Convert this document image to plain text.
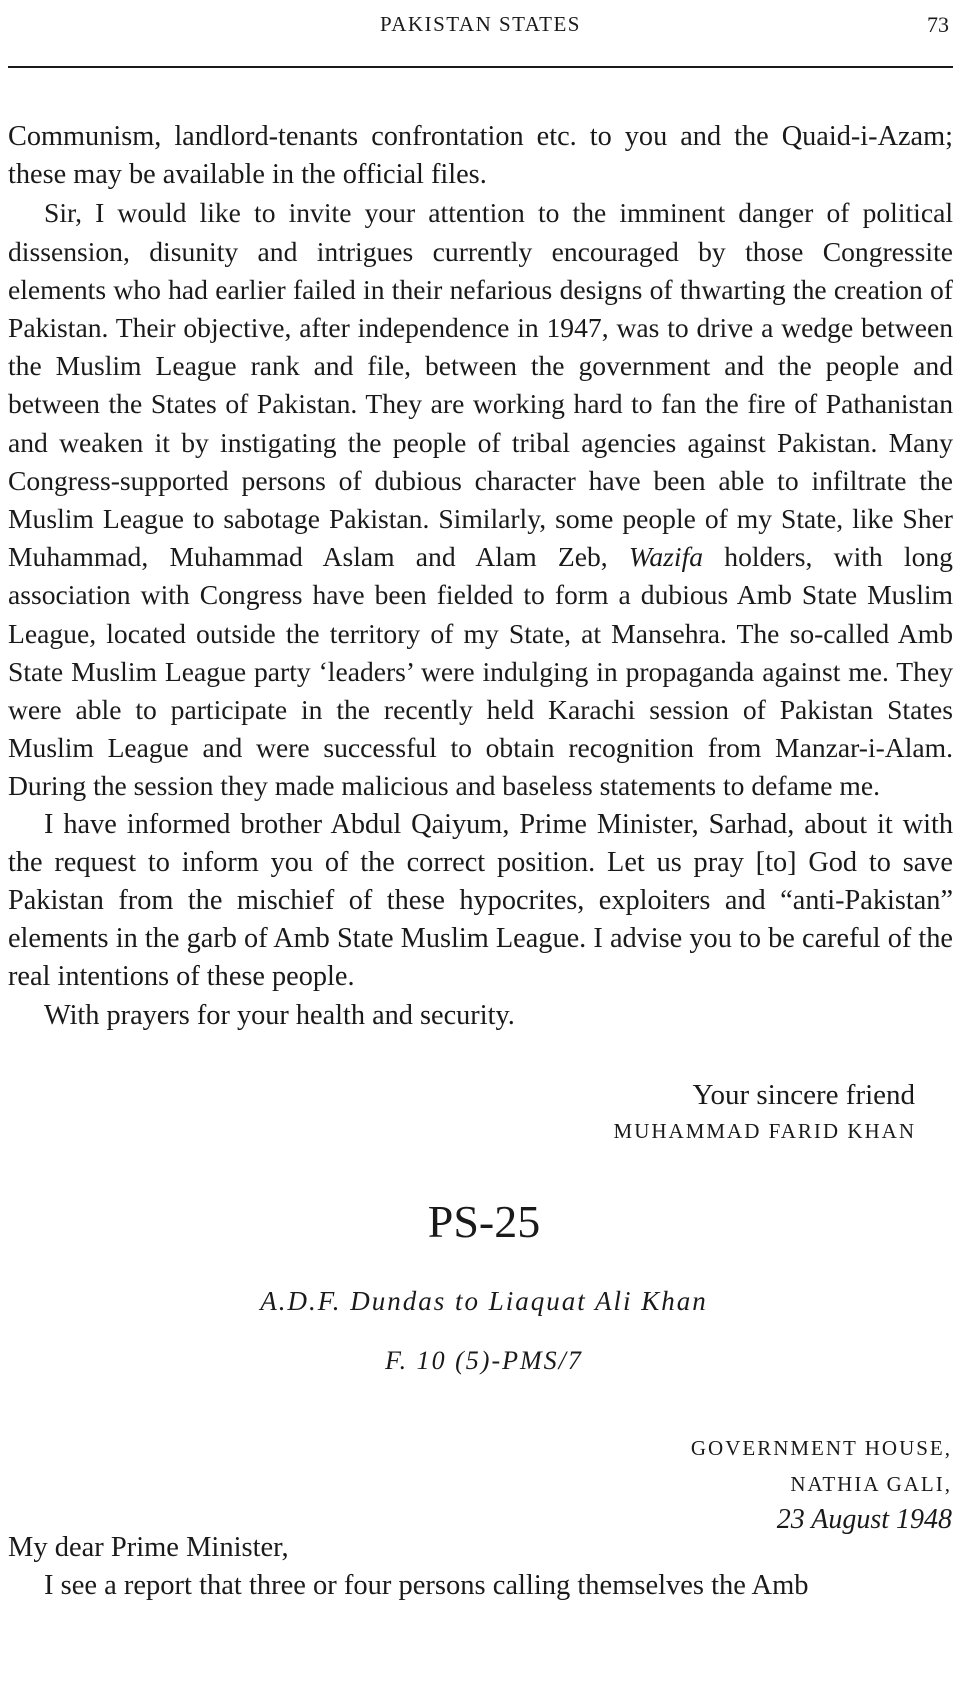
PAKISTAN STATES	73

Communism, landlord-tenants confrontation etc. to you and the Quaid-i-Azam; these may be available in the official files.

Sir, I would like to invite your attention to the imminent danger of political dissension, disunity and intrigues currently encouraged by those Congressite elements who had earlier failed in their nefarious designs of thwarting the creation of Pakistan. Their objective, after independence in 1947, was to drive a wedge between the Muslim League rank and file, between the government and the people and between the States of Pakistan. They are working hard to fan the fire of Pathanistan and weaken it by instigating the people of tribal agencies against Pakistan. Many Congress-supported persons of dubious character have been able to infiltrate the Muslim League to sabotage Pakistan. Similarly, some people of my State, like Sher Muhammad, Muhammad Aslam and Alam Zeb, Wazifa holders, with long association with Congress have been fielded to form a dubious Amb State Muslim League, located outside the territory of my State, at Mansehra. The so-called Amb State Muslim League party ‘leaders’ were indulging in propaganda against me. They were able to participate in the recently held Karachi session of Pakistan States Muslim League and were successful to obtain recognition from Manzar-i-Alam. During the session they made malicious and baseless statements to defame me.

I have informed brother Abdul Qaiyum, Prime Minister, Sarhad, about it with the request to inform you of the correct position. Let us pray [to] God to save Pakistan from the mischief of these hypocrites, exploiters and “anti-Pakistan” elements in the garb of Amb State Muslim League. I advise you to be careful of the real intentions of these people.

With prayers for your health and security.

Your sincere friend
MUHAMMAD FARID KHAN
PS-25
A.D.F. Dundas to Liaquat Ali Khan
F. 10 (5)-PMS/7
GOVERNMENT HOUSE,
NATHIA GALI,
23 August 1948

My dear Prime Minister,

I see a report that three or four persons calling themselves the Amb
